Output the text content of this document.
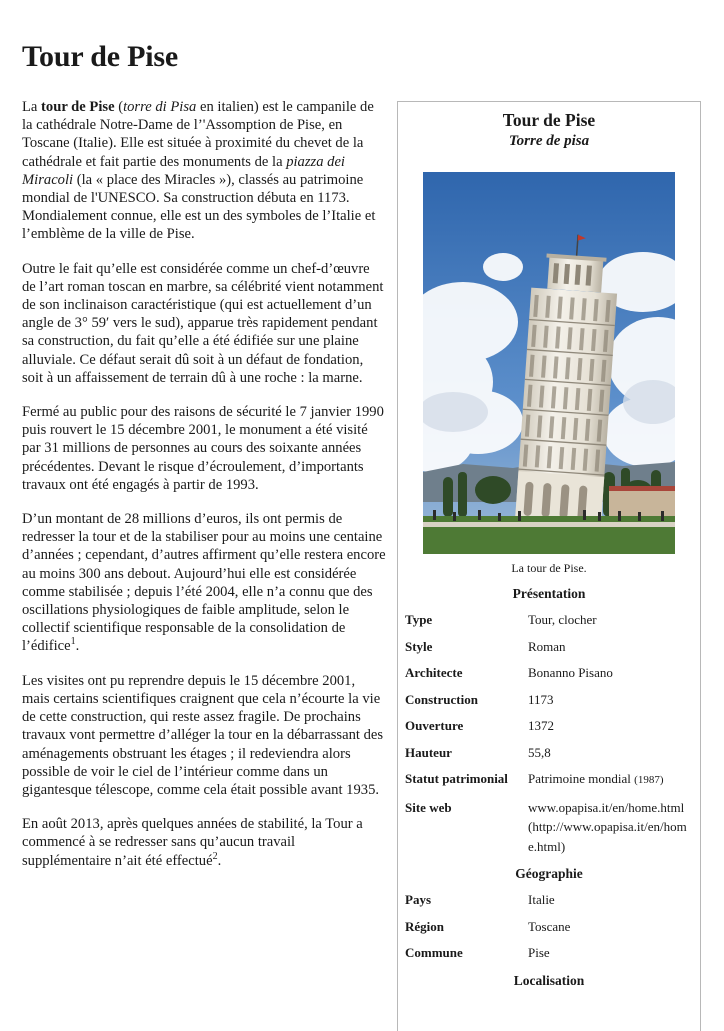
Tour de Pise

La tour de Pise (torre di Pisa en italien) est le campanile de la cathédrale Notre-Dame de l’'Assomption de Pise, en Toscane (Italie). Elle est située à proximité du chevet de la cathédrale et fait partie des monuments de la piazza dei Miracoli (la « place des Miracles »), classés au patrimoine mondial de l'UNESCO. Sa construction débuta en 1173. Mondialement connue, elle est un des symboles de l’Italie et l’emblème de la ville de Pise.

Outre le fait qu’elle est considérée comme un chef-d’œuvre de l’art roman toscan en marbre, sa célébrité vient notamment de son inclinaison caractéristique (qui est actuellement d’un angle de 3° 59′ vers le sud), apparue très rapidement pendant sa construction, du fait qu’elle a été édifiée sur une plaine alluviale. Ce défaut serait dû soit à un défaut de fondation, soit à un affaissement de terrain dû à une roche : la marne.

Fermé au public pour des raisons de sécurité le 7 janvier 1990 puis rouvert le 15 décembre 2001, le monument a été visité par 31 millions de personnes au cours des soixante années précédentes. Devant le risque d’écroulement, d’importants travaux ont été engagés à partir de 1993.

D’un montant de 28 millions d’euros, ils ont permis de redresser la tour et de la stabiliser pour au moins une centaine d’années ; cependant, d’autres affirment qu’elle restera encore au moins 300 ans debout. Aujourd’hui elle est considérée comme stabilisée ; depuis l’été 2004, elle n’a connu que des oscillations physiologiques de faible amplitude, selon le collectif scientifique responsable de la consolidation de l’édifice$^1$.

Les visites ont pu reprendre depuis le 15 décembre 2001, mais certains scientifiques craignent que cela n’écourte la vie de cette construction, qui reste assez fragile. De prochains travaux vont permettre d’alléger la tour en la débarrassant des aménagements obstruant les étages ; il redeviendra alors possible de voir le ciel de l’intérieur comme dans un gigantesque télescope, comme cela était possible avant 1935.

En août 2013, après quelques années de stabilité, la Tour a commencé à se redresser sans qu’aucun travail supplémentaire n’ait été effectué$^2$.

Tour de Pise
Torre de pisa
La tour de Pise.
Présentation
Type	Tour, clocher
Style	Roman
Architecte	Bonanno Pisano
Construction	1173
Ouverture	1372
Hauteur	55,8
Statut patrimonial	Patrimoine mondial (1987)
Site web	www.opapisa.it/en/home.html (http://www.opapisa.it/en/home.html)
Géographie
Pays	Italie
Région	Toscane
Commune	Pise
Localisation
